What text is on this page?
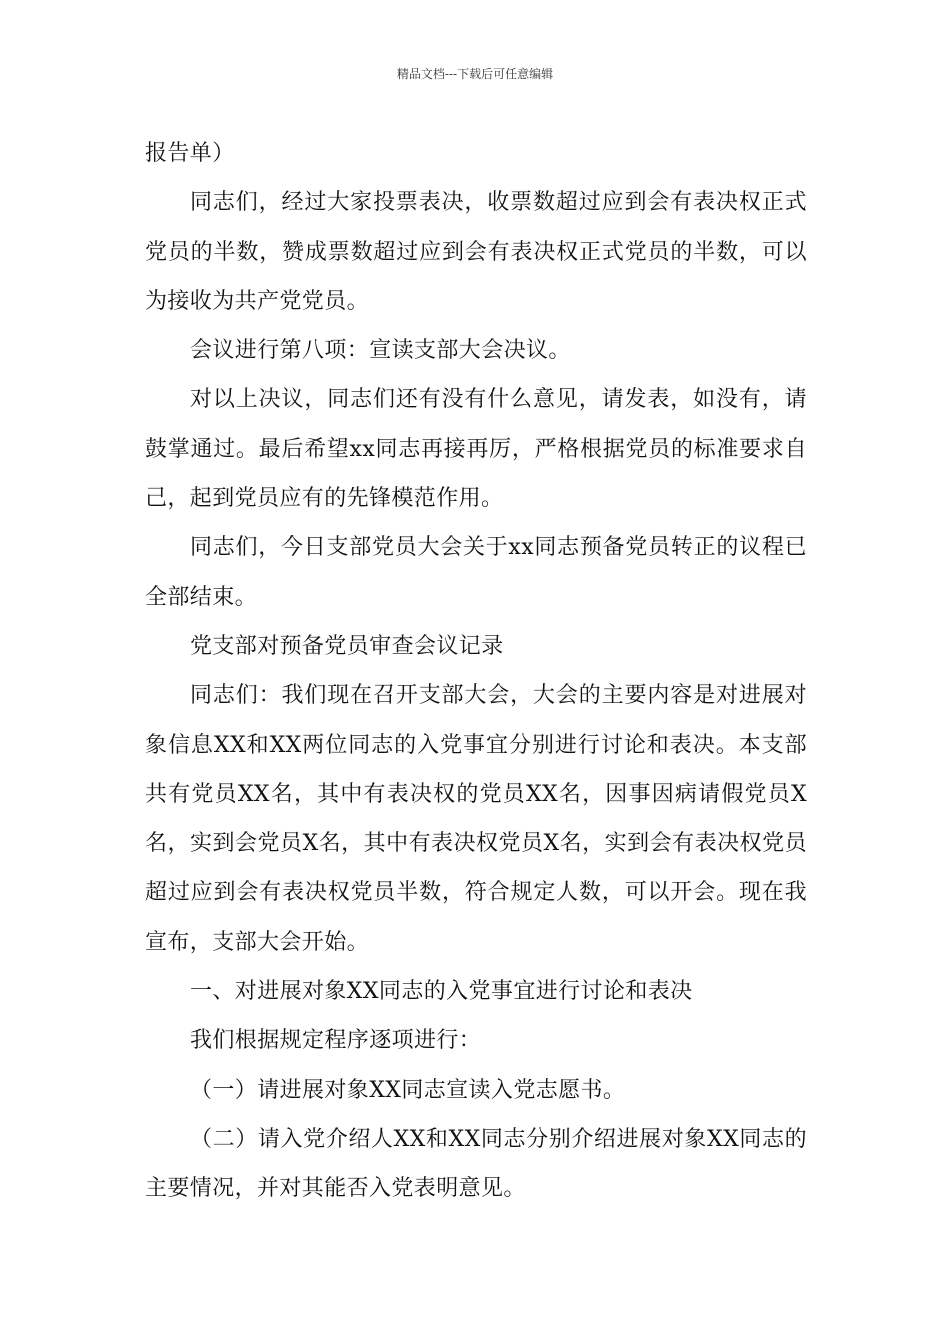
精品文档---下载后可任意编辑

报告单）

同志们，经过大家投票表决，收票数超过应到会有表决权正式党员的半数，赞成票数超过应到会有表决权正式党员的半数，可以为接收为共产党党员。

会议进行第八项：宣读支部大会决议。

对以上决议，同志们还有没有什么意见，请发表，如没有，请鼓掌通过。最后希望xx同志再接再厉，严格根据党员的标准要求自己，起到党员应有的先锋模范作用。

同志们，今日支部党员大会关于xx同志预备党员转正的议程已全部结束。

党支部对预备党员审查会议记录

同志们：我们现在召开支部大会，大会的主要内容是对进展对象信息XX和XX两位同志的入党事宜分别进行讨论和表决。本支部共有党员XX名，其中有表决权的党员XX名，因事因病请假党员X名，实到会党员X名，其中有表决权党员X名，实到会有表决权党员超过应到会有表决权党员半数，符合规定人数，可以开会。现在我宣布，支部大会开始。

一、对进展对象XX同志的入党事宜进行讨论和表决

我们根据规定程序逐项进行：

（一）请进展对象XX同志宣读入党志愿书。

（二）请入党介绍人XX和XX同志分别介绍进展对象XX同志的主要情况，并对其能否入党表明意见。
